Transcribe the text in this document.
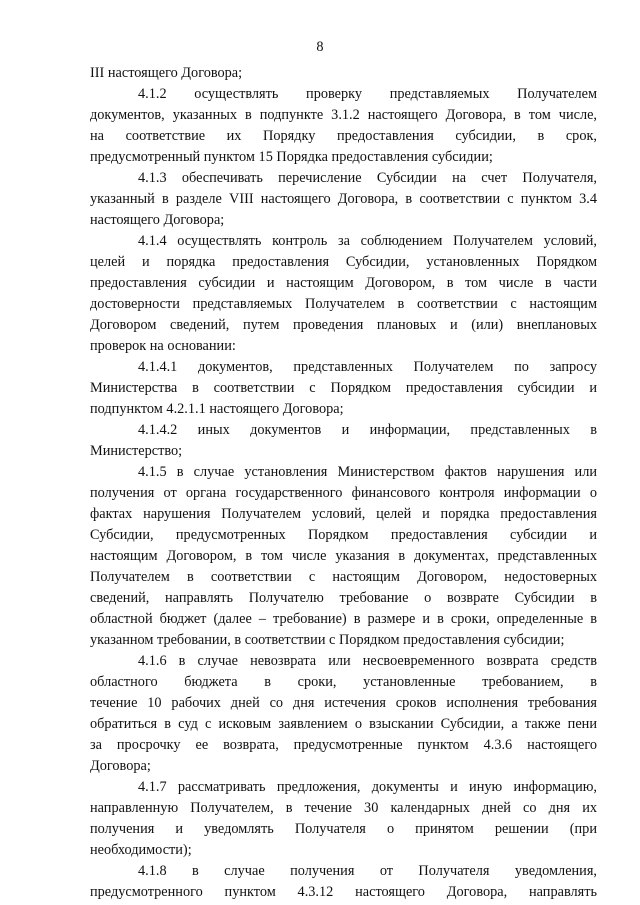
8
III настоящего Договора;
4.1.2 осуществлять проверку представляемых Получателем
документов, указанных в подпункте 3.1.2 настоящего Договора, в том числе,
на соответствие их Порядку предоставления субсидии, в срок,
предусмотренный пунктом 15 Порядка предоставления субсидии;
4.1.3 обеспечивать перечисление Субсидии на счет Получателя,
указанный в разделе VIII настоящего Договора, в соответствии с пунктом 3.4
настоящего Договора;
4.1.4 осуществлять контроль за соблюдением Получателем условий,
целей и порядка предоставления Субсидии, установленных Порядком
предоставления субсидии и настоящим Договором, в том числе в части
достоверности представляемых Получателем в соответствии с настоящим
Договором сведений, путем проведения плановых и (или) внеплановых
проверок на основании:
4.1.4.1 документов, представленных Получателем по запросу
Министерства в соответствии с Порядком предоставления субсидии и
подпунктом 4.2.1.1 настоящего Договора;
4.1.4.2 иных документов и информации, представленных в
Министерство;
4.1.5 в случае установления Министерством фактов нарушения или
получения от органа государственного финансового контроля информации о
фактах нарушения Получателем условий, целей и порядка предоставления
Субсидии, предусмотренных Порядком предоставления субсидии и
настоящим Договором, в том числе указания в документах, представленных
Получателем в соответствии с настоящим Договором, недостоверных
сведений, направлять Получателю требование о возврате Субсидии в
областной бюджет (далее – требование) в размере и в сроки, определенные в
указанном требовании, в соответствии с Порядком предоставления субсидии;
4.1.6 в случае невозврата или несвоевременного возврата средств
областного бюджета в сроки, установленные требованием, в
течение 10 рабочих дней со дня истечения сроков исполнения требования
обратиться в суд с исковым заявлением о взыскании Субсидии, а также пени
за просрочку ее возврата, предусмотренные пунктом 4.3.6 настоящего
Договора;
4.1.7 рассматривать предложения, документы и иную информацию,
направленную Получателем, в течение 30 календарных дней со дня их
получения и уведомлять Получателя о принятом решении (при
необходимости);
4.1.8 в случае получения от Получателя уведомления,
предусмотренного пунктом 4.3.12 настоящего Договора, направлять
